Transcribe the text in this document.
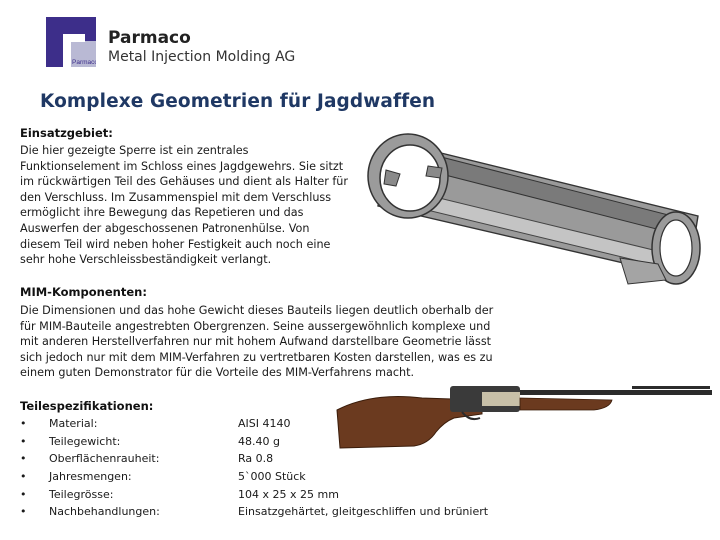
Parmaco
Parmaco
Metal Injection Molding AG
Komplexe Geometrien für Jagdwaffen
Einsatzgebiet:
Die hier gezeigte Sperre ist ein zentrales
Funktionselement im Schloss eines Jagdgewehrs. Sie sitzt
im rückwärtigen Teil des Gehäuses und dient als Halter für
den Verschluss. Im Zusammenspiel mit dem Verschluss
ermöglicht ihre Bewegung das Repetieren und das
Auswerfen der abgeschossenen Patronenhülse. Von
diesem Teil wird neben hoher Festigkeit auch noch eine
sehr hohe Verschleissbeständigkeit verlangt.
MIM-Komponenten:
Die Dimensionen und das hohe Gewicht dieses Bauteils liegen deutlich oberhalb der
für MIM-Bauteile angestrebten Obergrenzen. Seine aussergewöhnlich komplexe und
mit anderen Herstellverfahren nur mit hohem Aufwand darstellbare Geometrie lässt
sich jedoch nur mit dem MIM-Verfahren zu vertretbaren Kosten darstellen, was es zu
einem guten Demonstrator für die Vorteile des MIM-Verfahrens macht.
Teilespezifikationen:
• Material:	AISI 4140
• Teilegewicht:	48.40 g
• Oberflächenrauheit:	Ra 0.8
• Jahresmengen:	5`000 Stück
• Teilegrösse:	104 x 25 x 25 mm
• Nachbehandlungen:	Einsatzgehärtet, gleitgeschliffen und brüniert
